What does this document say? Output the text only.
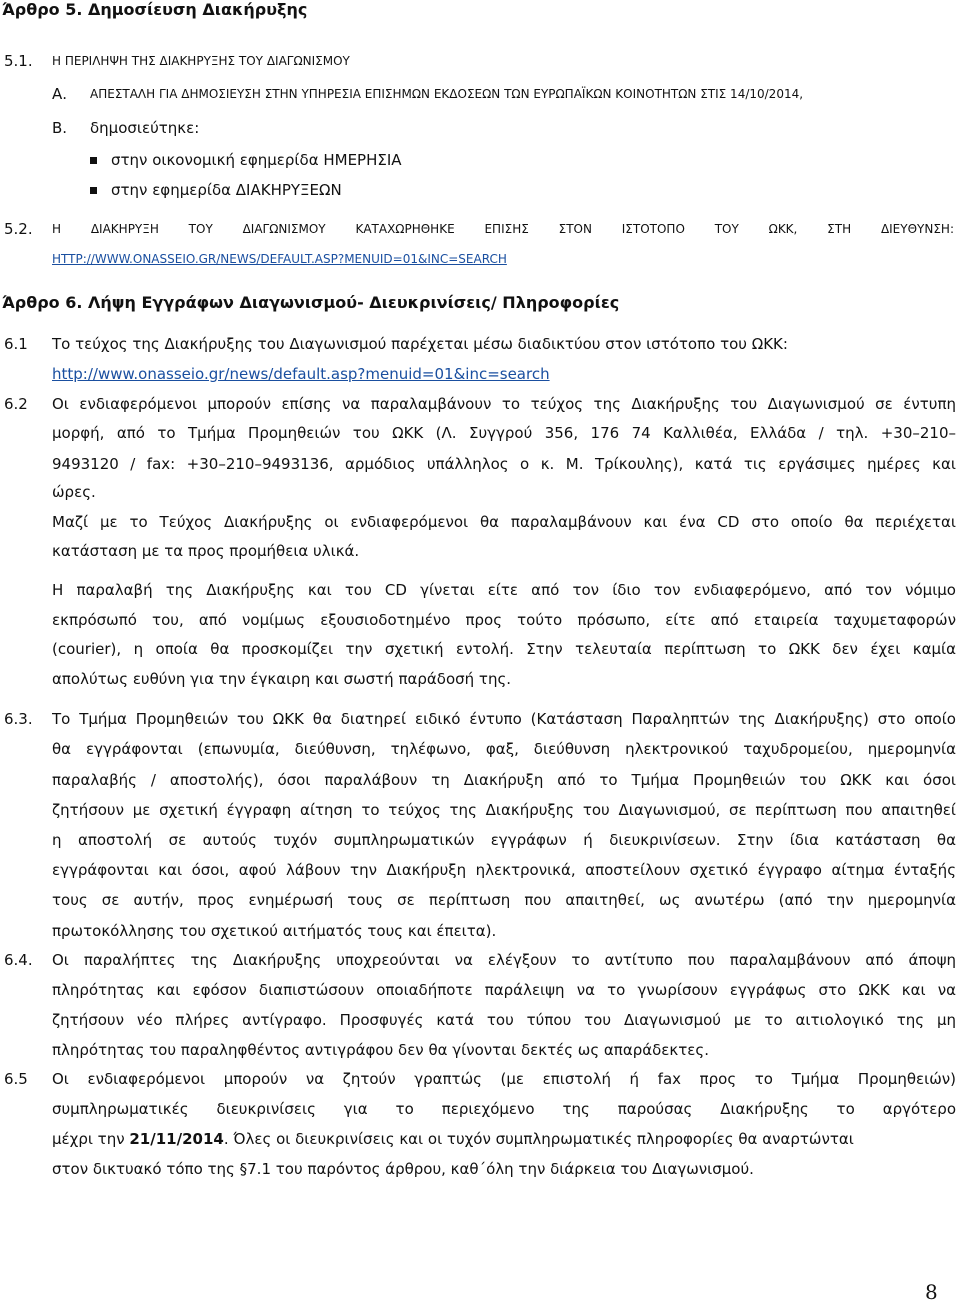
Άρθρο 5. Δημοσίευση Διακήρυξης
5.1. Η ΠΕΡΙΛΗΨΗ ΤΗΣ ΔΙΑΚΗΡΥΞΗΣ ΤΟΥ ΔΙΑΓΩΝΙΣΜΟΥ
Α. ΑΠΕΣΤΑΛΗ ΓΙΑ ΔΗΜΟΣΙΕΥΣΗ ΣΤΗΝ ΥΠΗΡΕΣΙΑ ΕΠΙΣΗΜΩΝ ΕΚΔΟΣΕΩΝ ΤΩΝ ΕΥΡΩΠΑΪΚΩΝ ΚΟΙΝΟΤΗΤΩΝ ΣΤΙΣ 14/10/2014,
Β. δημοσιεύτηκε:
στην οικονομική εφημερίδα ΗΜΕΡΗΣΙΑ
στην εφημερίδα ΔΙΑΚΗΡΥΞΕΩΝ
5.2. Η ΔΙΑΚΗΡΥΞΗ ΤΟΥ ΔΙΑΓΩΝΙΣΜΟΥ ΚΑΤΑΧΩΡΗΘΗΚΕ ΕΠΙΣΗΣ ΣΤΟΝ ΙΣΤΟΤΟΠΟ ΤΟΥ ΩΚΚ, ΣΤΗ ΔΙΕΥΘΥΝΣΗ:
HTTP://WWW.ONASSEIO.GR/NEWS/DEFAULT.ASP?MENUID=01&INC=SEARCH
Άρθρο 6. Λήψη Εγγράφων Διαγωνισμού- Διευκρινίσεις/ Πληροφορίες
6.1 Το τεύχος της Διακήρυξης του Διαγωνισμού παρέχεται μέσω διαδικτύου στον ιστότοπο του ΩΚΚ:
http://www.onasseio.gr/news/default.asp?menuid=01&inc=search
6.2 Οι ενδιαφερόμενοι μπορούν επίσης να παραλαμβάνουν το τεύχος της Διακήρυξης του Διαγωνισμού σε έντυπη
μορφή, από το Τμήμα Προμηθειών του ΩΚΚ (Λ. Συγγρού 356, 176 74 Καλλιθέα, Ελλάδα / τηλ. +30–210–
9493120 / fax: +30–210–9493136, αρμόδιος υπάλληλος ο κ. Μ. Τρίκουλης), κατά τις εργάσιμες ημέρες και
ώρες.
Μαζί με το Τεύχος Διακήρυξης οι ενδιαφερόμενοι θα παραλαμβάνουν και ένα CD στο οποίο θα περιέχεται
κατάσταση με τα προς προμήθεια υλικά.
Η παραλαβή της Διακήρυξης και του CD γίνεται είτε από τον ίδιο τον ενδιαφερόμενο, από τον νόμιμο
εκπρόσωπό του, από νομίμως εξουσιοδοτημένο προς τούτο πρόσωπο, είτε από εταιρεία ταχυμεταφορών
(courier), η οποία θα προσκομίζει την σχετική εντολή. Στην τελευταία περίπτωση το ΩΚΚ δεν έχει καμία
απολύτως ευθύνη για την έγκαιρη και σωστή παράδοσή της.
6.3. Το Τμήμα Προμηθειών του ΩΚΚ θα διατηρεί ειδικό έντυπο (Κατάσταση Παραληπτών της Διακήρυξης) στο οποίο
θα εγγράφονται (επωνυμία, διεύθυνση, τηλέφωνο, φαξ, διεύθυνση ηλεκτρονικού ταχυδρομείου, ημερομηνία
παραλαβής / αποστολής), όσοι παραλάβουν τη Διακήρυξη από το Τμήμα Προμηθειών του ΩΚΚ και όσοι
ζητήσουν με σχετική έγγραφη αίτηση το τεύχος της Διακήρυξης του Διαγωνισμού, σε περίπτωση που απαιτηθεί
η αποστολή σε αυτούς τυχόν συμπληρωματικών εγγράφων ή διευκρινίσεων. Στην ίδια κατάσταση θα
εγγράφονται και όσοι, αφού λάβουν την Διακήρυξη ηλεκτρονικά, αποστείλουν σχετικό έγγραφο αίτημα ένταξής
τους σε αυτήν, προς ενημέρωσή τους σε περίπτωση που απαιτηθεί, ως ανωτέρω (από την ημερομηνία
πρωτοκόλλησης του σχετικού αιτήματός τους και έπειτα).
6.4. Οι παραλήπτες της Διακήρυξης υποχρεούνται να ελέγξουν το αντίτυπο που παραλαμβάνουν από άποψη
πληρότητας και εφόσον διαπιστώσουν οποιαδήποτε παράλειψη να το γνωρίσουν εγγράφως στο ΩΚΚ και να
ζητήσουν νέο πλήρες αντίγραφο. Προσφυγές κατά του τύπου του Διαγωνισμού με το αιτιολογικό της μη
πληρότητας του παραληφθέντος αντιγράφου δεν θα γίνονται δεκτές ως απαράδεκτες.
6.5 Οι ενδιαφερόμενοι μπορούν να ζητούν γραπτώς (με επιστολή ή fax προς το Τμήμα Προμηθειών)
συμπληρωματικές διευκρινίσεις για το περιεχόμενο της παρούσας Διακήρυξης το αργότερο
μέχρι την 21/11/2014. Όλες οι διευκρινίσεις και οι τυχόν συμπληρωματικές πληροφορίες θα αναρτώνται
στον δικτυακό τόπο της §7.1 του παρόντος άρθρου, καθ΄όλη την διάρκεια του Διαγωνισμού.
8
